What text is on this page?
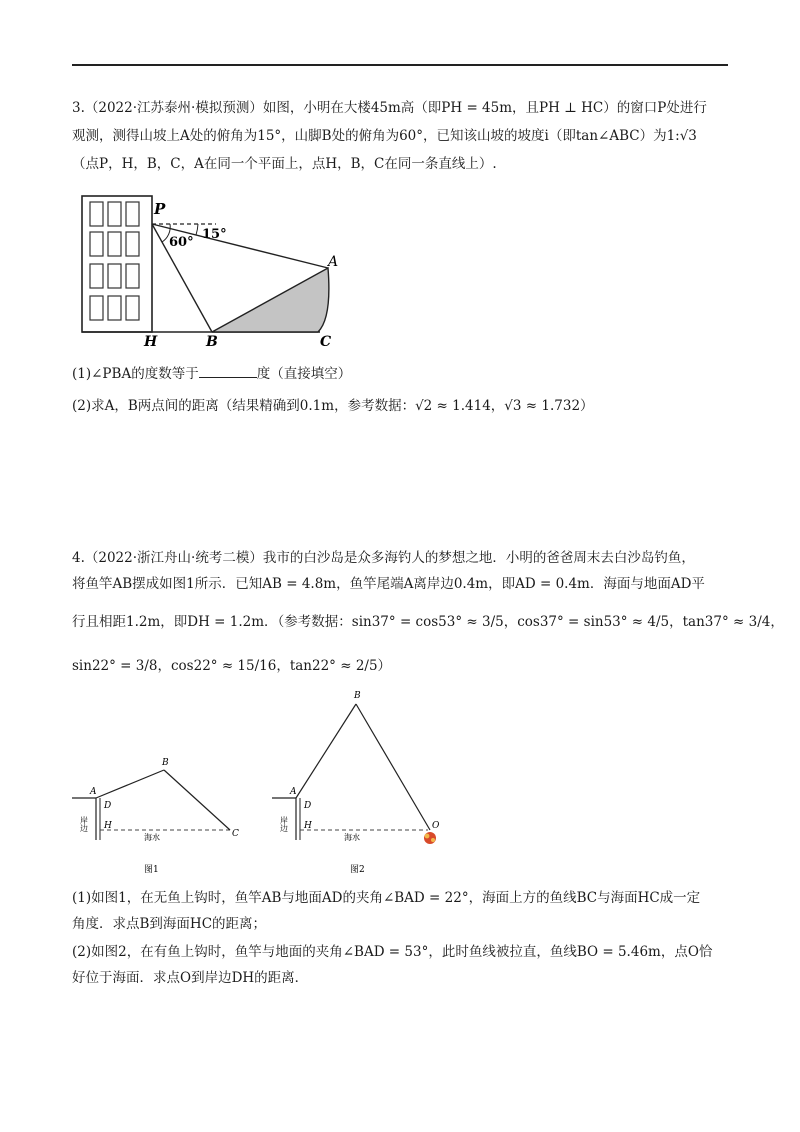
3.（2022·江苏泰州·模拟预测）如图，小明在大楼45m高（即PH = 45m，且PH ⊥ HC）的窗口P处进行
观测，测得山坡上A处的俯角为15°，山脚B处的俯角为60°，已知该山坡的坡度i（即tan∠ABC）为1:√3
（点P，H，B，C，A在同一个平面上，点H，B，C在同一条直线上）.
P
60°
15°
A
H	B	C
(1)∠PBA的度数等于	度（直接填空）
(2)求A，B两点间的距离（结果精确到0.1m，参考数据：√2 ≈ 1.414，√3 ≈ 1.732）
4.（2022·浙江舟山·统考二模）我市的白沙岛是众多海钓人的梦想之地．小明的爸爸周末去白沙岛钓鱼，
将鱼竿AB摆成如图1所示．已知AB = 4.8m，鱼竿尾端A离岸边0.4m，即AD = 0.4m．海面与地面AD平
行且相距1.2m，即DH = 1.2m．（参考数据：sin37° = cos53° ≈ 3/5，cos37° = sin53° ≈ 4/5，tan37° ≈ 3/4，
sin22° = 3/8，cos22° ≈ 15/16，tan22° ≈ 2/5）
A
B
C
D
H
岸边
海水
图1
A
B
O
D
H
岸边
海水
图2
(1)如图1，在无鱼上钩时，鱼竿AB与地面AD的夹角∠BAD = 22°，海面上方的鱼线BC与海面HC成一定
角度．求点B到海面HC的距离；
(2)如图2，在有鱼上钩时，鱼竿与地面的夹角∠BAD = 53°，此时鱼线被拉直，鱼线BO = 5.46m，点O恰
好位于海面．求点O到岸边DH的距离．
